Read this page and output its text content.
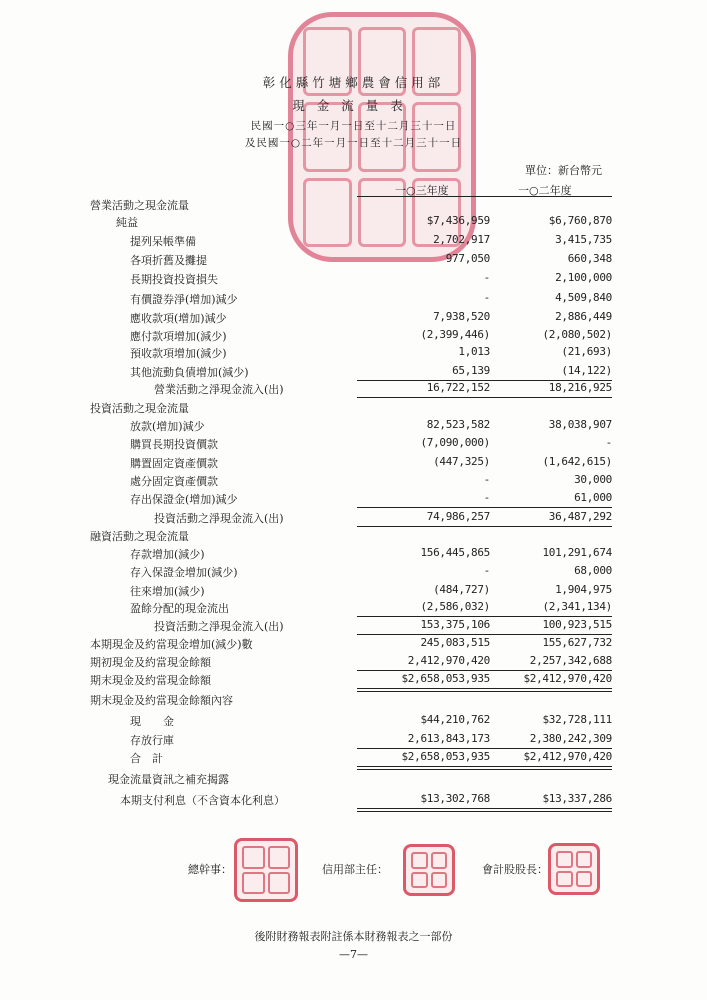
彰化縣竹塘鄉農會信用部
現金流量表
民國一○三年一月一日至十二月三十一日
及民國一○二年一月一日至十二月三十一日
單位：新台幣元
一○三年度	一○二年度
營業活動之現金流量
純益	$7,436,959	$6,760,870
提列呆帳準備	2,702,917	3,415,735
各項折舊及攤提	977,050	660,348
長期投資投資損失	-	2,100,000
有價證券淨(增加)減少	-	4,509,840
應收款項(增加)減少	7,938,520	2,886,449
應付款項增加(減少)	(2,399,446)	(2,080,502)
預收款項增加(減少)	1,013	(21,693)
其他流動負債增加(減少)	65,139	(14,122)
營業活動之淨現金流入(出)	16,722,152	18,216,925
投資活動之現金流量
放款(增加)減少	82,523,582	38,038,907
購買長期投資價款	(7,090,000)	-
購置固定資產價款	(447,325)	(1,642,615)
處分固定資產價款	-	30,000
存出保證金(增加)減少	-	61,000
投資活動之淨現金流入(出)	74,986,257	36,487,292
融資活動之現金流量
存款增加(減少)	156,445,865	101,291,674
存入保證金增加(減少)	-	68,000
往來增加(減少)	(484,727)	1,904,975
盈餘分配的現金流出	(2,586,032)	(2,341,134)
投資活動之淨現金流入(出)	153,375,106	100,923,515
本期現金及約當現金增加(減少)數	245,083,515	155,627,732
期初現金及約當現金餘額	2,412,970,420	2,257,342,688
期末現金及約當現金餘額	$2,658,053,935	$2,412,970,420
期末現金及約當現金餘額內容
現　　金	$44,210,762	$32,728,111
存放行庫	2,613,843,173	2,380,242,309
合　計	$2,658,053,935	$2,412,970,420
現金流量資訊之補充揭露
本期支付利息（不含資本化利息）	$13,302,768	$13,337,286
總幹事：	信用部主任：	會計股股長：
後附財務報表附註係本財務報表之一部份
—7—
